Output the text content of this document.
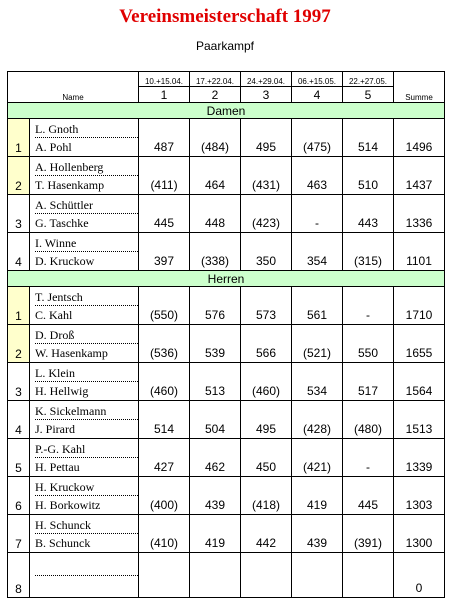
Vereinsmeisterschaft 1997
Paarkampf
Name		10.+15.04.	17.+22.04.	24.+29.04.	06.+15.05.	22.+27.05.	Summe
		1	2	3	4	5	
Damen							
1	L. Gnoth
A. Pohl	487	(484)	495	(475)	514	1496
2	A. Hollenberg
T. Hasenkamp	(411)	464	(431)	463	510	1437
3	A. Schüttler
G. Taschke	445	448	(423)	-	443	1336
4	I. Winne
D. Kruckow	397	(338)	350	354	(315)	1101
Herren							
1	T. Jentsch
C. Kahl	(550)	576	573	561	-	1710
2	D. Droß
W. Hasenkamp	(536)	539	566	(521)	550	1655
3	L. Klein
H. Hellwig	(460)	513	(460)	534	517	1564
4	K. Sickelmann
J. Pirard	514	504	495	(428)	(480)	1513
5	P.-G. Kahl
H. Pettau	427	462	450	(421)	-	1339
6	H. Kruckow
H. Borkowitz	(400)	439	(418)	419	445	1303
7	H. Schunck
B. Schunck	(410)	419	442	439	(391)	1300
8							0
